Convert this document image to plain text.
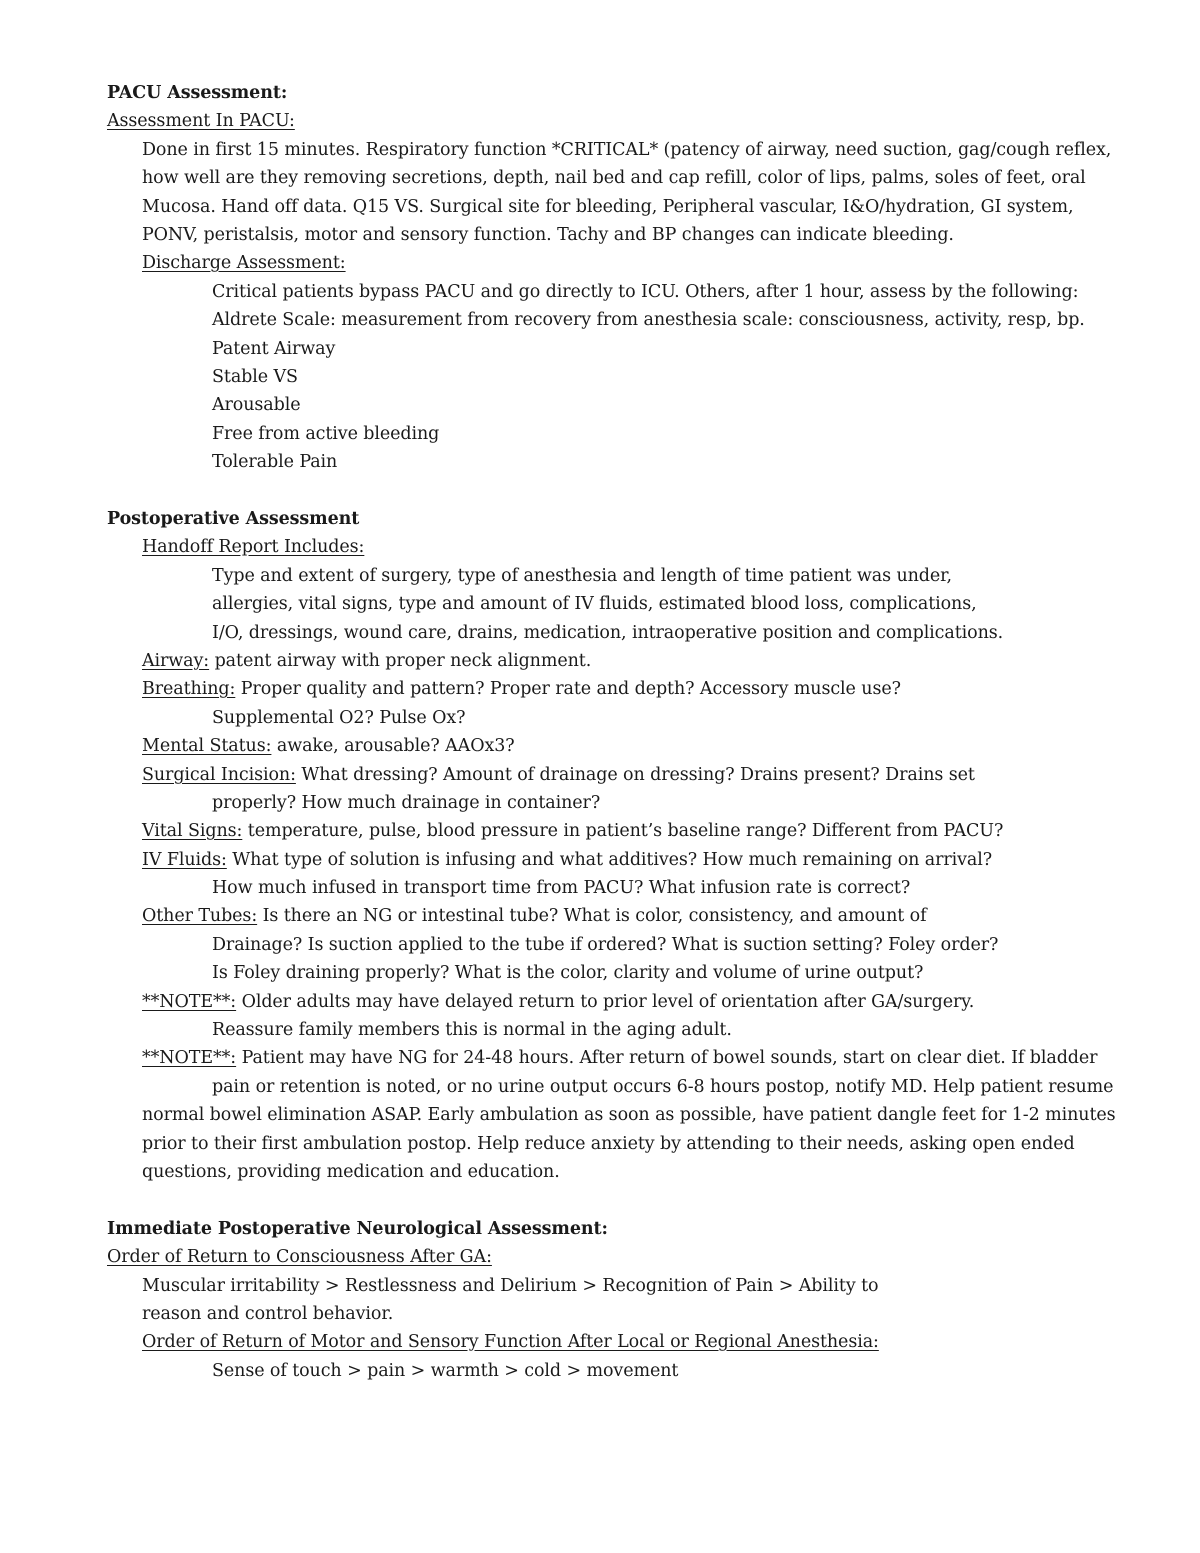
PACU Assessment:
Assessment In PACU:
Done in first 15 minutes. Respiratory function *CRITICAL* (patency of airway, need suction, gag/cough reflex,
how well are they removing secretions, depth, nail bed and cap refill, color of lips, palms, soles of feet, oral
Mucosa. Hand off data. Q15 VS. Surgical site for bleeding, Peripheral vascular, I&O/hydration, GI system,
PONV, peristalsis, motor and sensory function. Tachy and BP changes can indicate bleeding.
Discharge Assessment:
Critical patients bypass PACU and go directly to ICU. Others, after 1 hour, assess by the following:
Aldrete Scale: measurement from recovery from anesthesia scale: consciousness, activity, resp, bp.
Patent Airway
Stable VS
Arousable
Free from active bleeding
Tolerable Pain
Postoperative Assessment
Handoff Report Includes:
Type and extent of surgery, type of anesthesia and length of time patient was under,
allergies, vital signs, type and amount of IV fluids, estimated blood loss, complications,
I/O, dressings, wound care, drains, medication, intraoperative position and complications.
Airway: patent airway with proper neck alignment.
Breathing: Proper quality and pattern? Proper rate and depth? Accessory muscle use?
Supplemental O2? Pulse Ox?
Mental Status: awake, arousable? AAOx3?
Surgical Incision: What dressing? Amount of drainage on dressing? Drains present? Drains set
properly? How much drainage in container?
Vital Signs: temperature, pulse, blood pressure in patient’s baseline range? Different from PACU?
IV Fluids: What type of solution is infusing and what additives? How much remaining on arrival?
How much infused in transport time from PACU? What infusion rate is correct?
Other Tubes: Is there an NG or intestinal tube? What is color, consistency, and amount of
Drainage? Is suction applied to the tube if ordered? What is suction setting? Foley order?
Is Foley draining properly? What is the color, clarity and volume of urine output?
**NOTE**: Older adults may have delayed return to prior level of orientation after GA/surgery.
Reassure family members this is normal in the aging adult.
**NOTE**: Patient may have NG for 24-48 hours. After return of bowel sounds, start on clear diet. If bladder
pain or retention is noted, or no urine output occurs 6-8 hours postop, notify MD. Help patient resume
normal bowel elimination ASAP. Early ambulation as soon as possible, have patient dangle feet for 1-2 minutes
prior to their first ambulation postop. Help reduce anxiety by attending to their needs, asking open ended
questions, providing medication and education.
Immediate Postoperative Neurological Assessment:
Order of Return to Consciousness After GA:
Muscular irritability > Restlessness and Delirium > Recognition of Pain > Ability to
reason and control behavior.
Order of Return of Motor and Sensory Function After Local or Regional Anesthesia:
Sense of touch > pain > warmth > cold > movement
